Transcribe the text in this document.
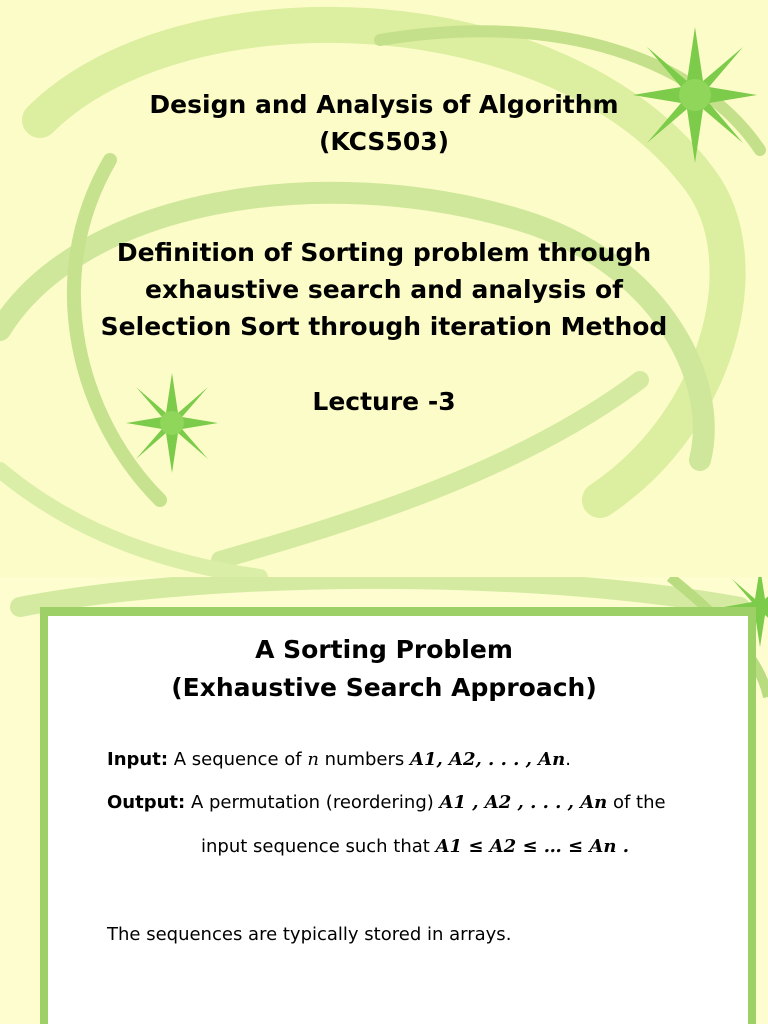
Design and Analysis of Algorithm
(KCS503)
Definition of Sorting problem through
exhaustive search and analysis of
Selection Sort through iteration Method
Lecture -3
A Sorting Problem
(Exhaustive Search Approach)
Input: A sequence of n numbers A1, A2, . . . , An.
Output: A permutation (reordering) A1 , A2 , . . . , An of the
input sequence such that A1 ≤ A2 ≤ … ≤ An .
The sequences are typically stored in arrays.
